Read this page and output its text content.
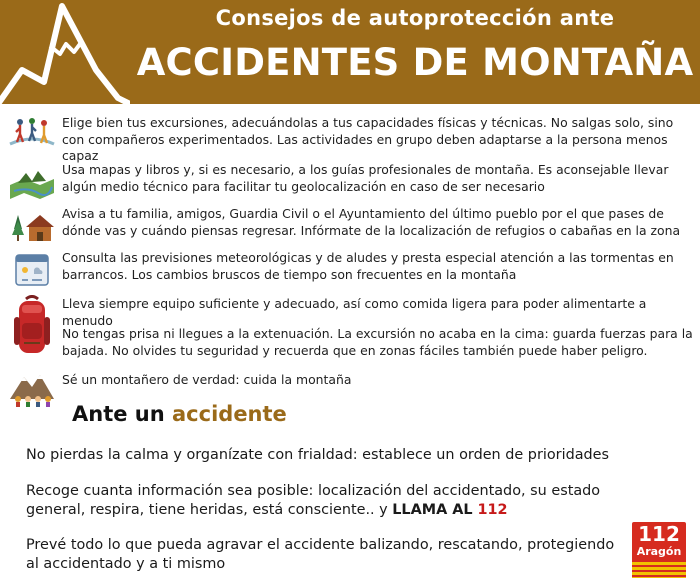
Consejos de autoprotección ante
ACCIDENTES DE MONTAÑA
Elige bien tus excursiones, adecuándolas a tus capacidades físicas y técnicas. No salgas solo, sino con compañeros experimentados. Las actividades en grupo deben adaptarse a la persona menos capaz
Usa mapas y libros y, si es necesario, a los guías profesionales de montaña. Es aconsejable llevar algún medio técnico para facilitar tu geolocalización en caso de ser necesario
Avisa a tu familia, amigos, Guardia Civil o el Ayuntamiento del último pueblo por el que pases de dónde vas y cuándo piensas regresar. Infórmate de la localización de refugios o cabañas en la zona
Consulta las previsiones meteorológicas y de aludes y presta especial atención a las tormentas en barrancos. Los cambios bruscos de tiempo son frecuentes en la montaña
Lleva siempre equipo suficiente y adecuado, así como comida ligera para poder alimentarte a menudo
No tengas prisa ni llegues a la extenuación. La excursión no acaba en la cima: guarda fuerzas para la bajada. No olvides tu seguridad y recuerda que en zonas fáciles también puede haber peligro.
Sé un montañero de verdad: cuida la montaña
Ante un accidente
No pierdas la calma y organízate con frialdad: establece un orden de prioridades
Recoge cuanta información sea posible: localización del accidentado, su estado general, respira, tiene heridas, está consciente.. y LLAMA AL 112
Prevé todo lo que pueda agravar el accidente balizando, rescatando, protegiendo al accidentado y a ti mismo
112
Aragón
